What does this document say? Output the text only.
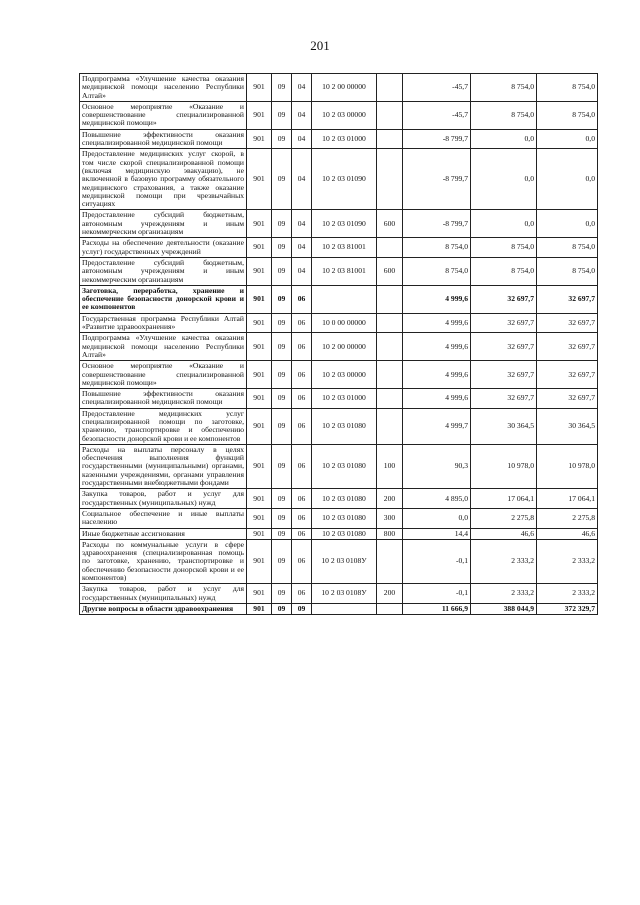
201
Подпрограмма «Улучшение качества оказания медицинской помощи населению Республики Алтай»	901	09	04	10 2 00 00000		-45,7	8 754,0	8 754,0
Основное мероприятие «Оказание и совершенствование специализированной медицинской помощи»	901	09	04	10 2 03 00000		-45,7	8 754,0	8 754,0
Повышение эффективности оказания специализированной медицинской помощи	901	09	04	10 2 03 01000		-8 799,7	0,0	0,0
Предоставление медицинских услуг скорой, в том числе скорой специализированной помощи (включая медицинскую эвакуацию), не включенной в базовую программу обязательного медицинского страхования, а также оказание медицинской помощи при чрезвычайных ситуациях	901	09	04	10 2 03 01090		-8 799,7	0,0	0,0
Предоставление субсидий бюджетным, автономным учреждениям и иным некоммерческим организациям	901	09	04	10 2 03 01090	600	-8 799,7	0,0	0,0
Расходы на обеспечение деятельности (оказание услуг) государственных учреждений	901	09	04	10 2 03 81001		8 754,0	8 754,0	8 754,0
Предоставление субсидий бюджетным, автономным учреждениям и иным некоммерческим организациям	901	09	04	10 2 03 81001	600	8 754,0	8 754,0	8 754,0
Заготовка, переработка, хранение и обеспечение безопасности донорской крови и ее компонентов	901	09	06			4 999,6	32 697,7	32 697,7
Государственная программа Республики Алтай «Развитие здравоохранения»	901	09	06	10 0 00 00000		4 999,6	32 697,7	32 697,7
Подпрограмма «Улучшение качества оказания медицинской помощи населению Республики Алтай»	901	09	06	10 2 00 00000		4 999,6	32 697,7	32 697,7
Основное мероприятие «Оказание и совершенствование специализированной медицинской помощи»	901	09	06	10 2 03 00000		4 999,6	32 697,7	32 697,7
Повышение эффективности оказания специализированной медицинской помощи	901	09	06	10 2 03 01000		4 999,6	32 697,7	32 697,7
Предоставление медицинских услуг специализированной помощи по заготовке, хранению, транспортировке и обеспечению безопасности донорской крови и ее компонентов	901	09	06	10 2 03 01080		4 999,7	30 364,5	30 364,5
Расходы на выплаты персоналу в целях обеспечения выполнения функций государственными (муниципальными) органами, казенными учреждениями, органами управления государственными внебюджетными фондами	901	09	06	10 2 03 01080	100	90,3	10 978,0	10 978,0
Закупка товаров, работ и услуг для государственных (муниципальных) нужд	901	09	06	10 2 03 01080	200	4 895,0	17 064,1	17 064,1
Социальное обеспечение и иные выплаты населению	901	09	06	10 2 03 01080	300	0,0	2 275,8	2 275,8
Иные бюджетные ассигнования	901	09	06	10 2 03 01080	800	14,4	46,6	46,6
Расходы по коммунальные услуги в сфере здравоохранения (специализированная помощь по заготовке, хранению, транспортировке и обеспечению безопасности донорской крови и ее компонентов)	901	09	06	10 2 03 0108У		-0,1	2 333,2	2 333,2
Закупка товаров, работ и услуг для государственных (муниципальных) нужд	901	09	06	10 2 03 0108У	200	-0,1	2 333,2	2 333,2
Другие вопросы в области здравоохранения	901	09	09			11 666,9	388 044,9	372 329,7
